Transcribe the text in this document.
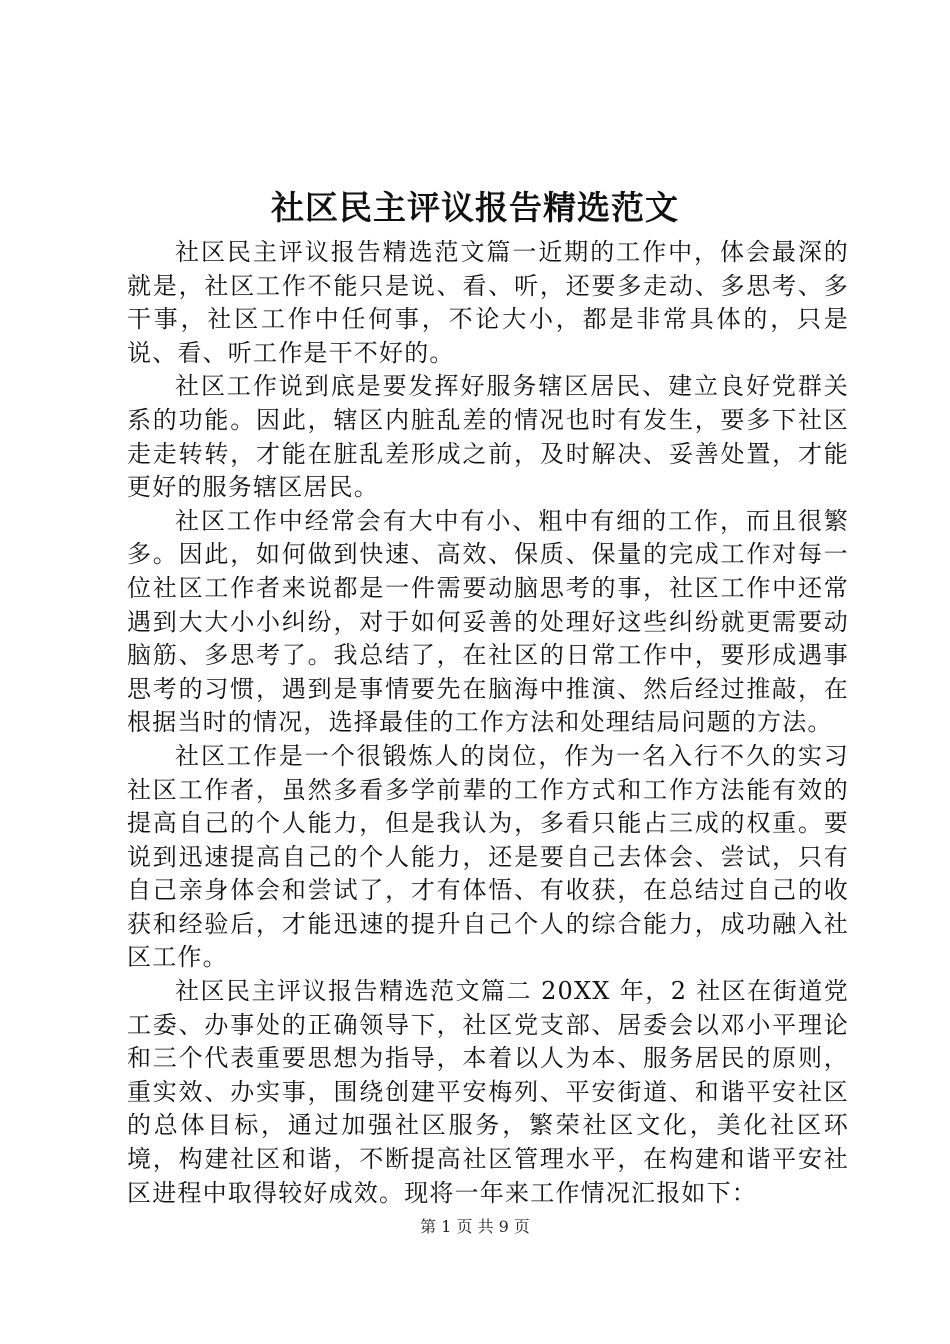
社区民主评议报告精选范文

社区民主评议报告精选范文篇一近期的工作中，体会最深的就是，社区工作不能只是说、看、听，还要多走动、多思考、多干事，社区工作中任何事，不论大小，都是非常具体的，只是说、看、听工作是干不好的。

社区工作说到底是要发挥好服务辖区居民、建立良好党群关系的功能。因此，辖区内脏乱差的情况也时有发生，要多下社区走走转转，才能在脏乱差形成之前，及时解决、妥善处置，才能更好的服务辖区居民。

社区工作中经常会有大中有小、粗中有细的工作，而且很繁多。因此，如何做到快速、高效、保质、保量的完成工作对每一位社区工作者来说都是一件需要动脑思考的事，社区工作中还常遇到大大小小纠纷，对于如何妥善的处理好这些纠纷就更需要动脑筋、多思考了。我总结了，在社区的日常工作中，要形成遇事思考的习惯，遇到是事情要先在脑海中推演、然后经过推敲，在根据当时的情况，选择最佳的工作方法和处理结局问题的方法。

社区工作是一个很锻炼人的岗位，作为一名入行不久的实习社区工作者，虽然多看多学前辈的工作方式和工作方法能有效的提高自己的个人能力，但是我认为，多看只能占三成的权重。要说到迅速提高自己的个人能力，还是要自己去体会、尝试，只有自己亲身体会和尝试了，才有体悟、有收获，在总结过自己的收获和经验后，才能迅速的提升自己个人的综合能力，成功融入社区工作。

社区民主评议报告精选范文篇二 20XX 年，2 社区在街道党工委、办事处的正确领导下，社区党支部、居委会以邓小平理论和三个代表重要思想为指导，本着以人为本、服务居民的原则，重实效、办实事，围绕创建平安梅列、平安街道、和谐平安社区的总体目标，通过加强社区服务，繁荣社区文化，美化社区环境，构建社区和谐，不断提高社区管理水平，在构建和谐平安社区进程中取得较好成效。现将一年来工作情况汇报如下：

第 1 页 共 9 页
